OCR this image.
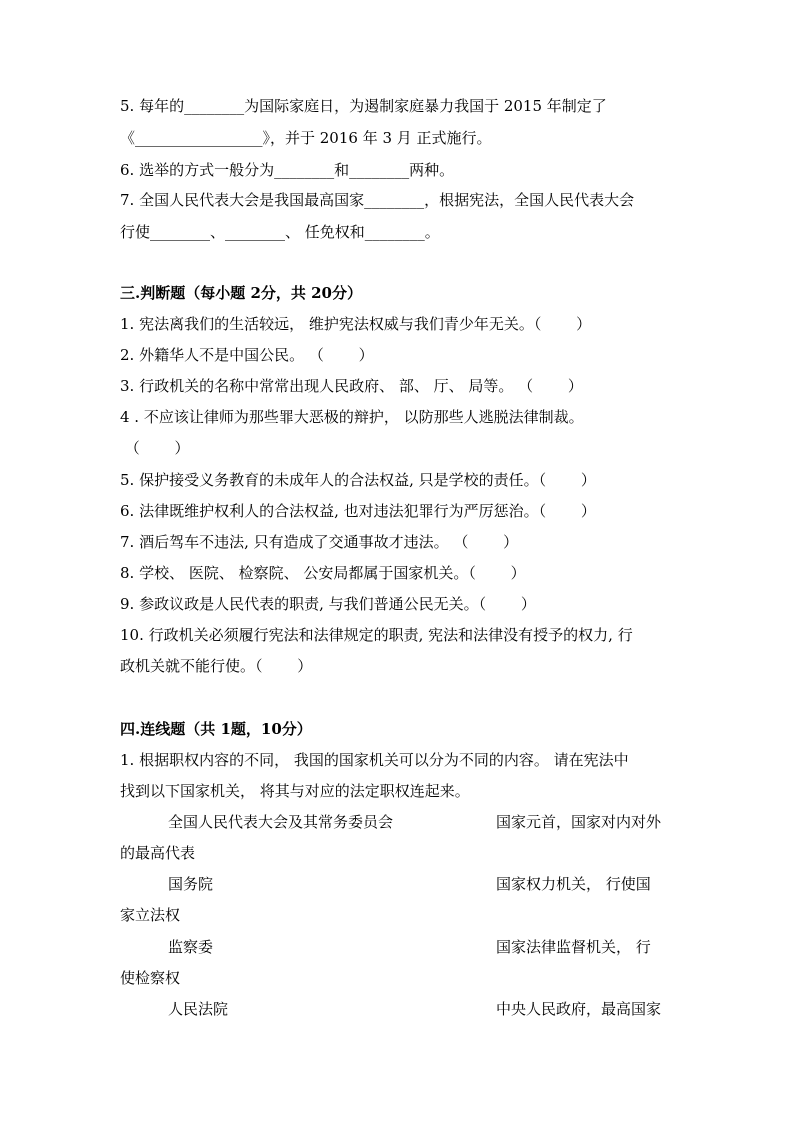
5. 每年的________为国际家庭日，为遏制家庭暴力我国于 2015 年制定了
《_________________》，并于 2016 年 3 月 正式施行。
6. 选举的方式一般分为________和________两种。
7. 全国人民代表大会是我国最高国家________，根据宪法，全国人民代表大会
行使________、________、 任免权和________。
三.判断题（每小题 2分，共 20分）
1. 宪法离我们的生活较远， 维护宪法权威与我们青少年无关。（　　 ）
2. 外籍华人不是中国公民。 （　　 ）
3. 行政机关的名称中常常出现人民政府、 部、 厅、 局等。 （　　 ）
4 . 不应该让律师为那些罪大恶极的辩护， 以防那些人逃脱法律制裁。
（　　 ）
5. 保护接受义务教育的未成年人的合法权益, 只是学校的责任。（　　 ）
6. 法律既维护权利人的合法权益, 也对违法犯罪行为严厉惩治。（　　 ）
7. 酒后驾车不违法, 只有造成了交通事故才违法。 （　　 ）
8. 学校、 医院、 检察院、 公安局都属于国家机关。（　　 ）
9. 参政议政是人民代表的职责, 与我们普通公民无关。（　　 ）
10. 行政机关必须履行宪法和法律规定的职责, 宪法和法律没有授予的权力, 行
政机关就不能行使。（　　 ）
四.连线题（共 1题，10分）
1. 根据职权内容的不同， 我国的国家机关可以分为不同的内容。 请在宪法中
找到以下国家机关， 将其与对应的法定职权连起来。
全国人民代表大会及其常务委员会	国家元首，国家对内对外
的最高代表
国务院	国家权力机关， 行使国
家立法权
监察委	国家法律监督机关， 行
使检察权
人民法院	中央人民政府，最高国家
